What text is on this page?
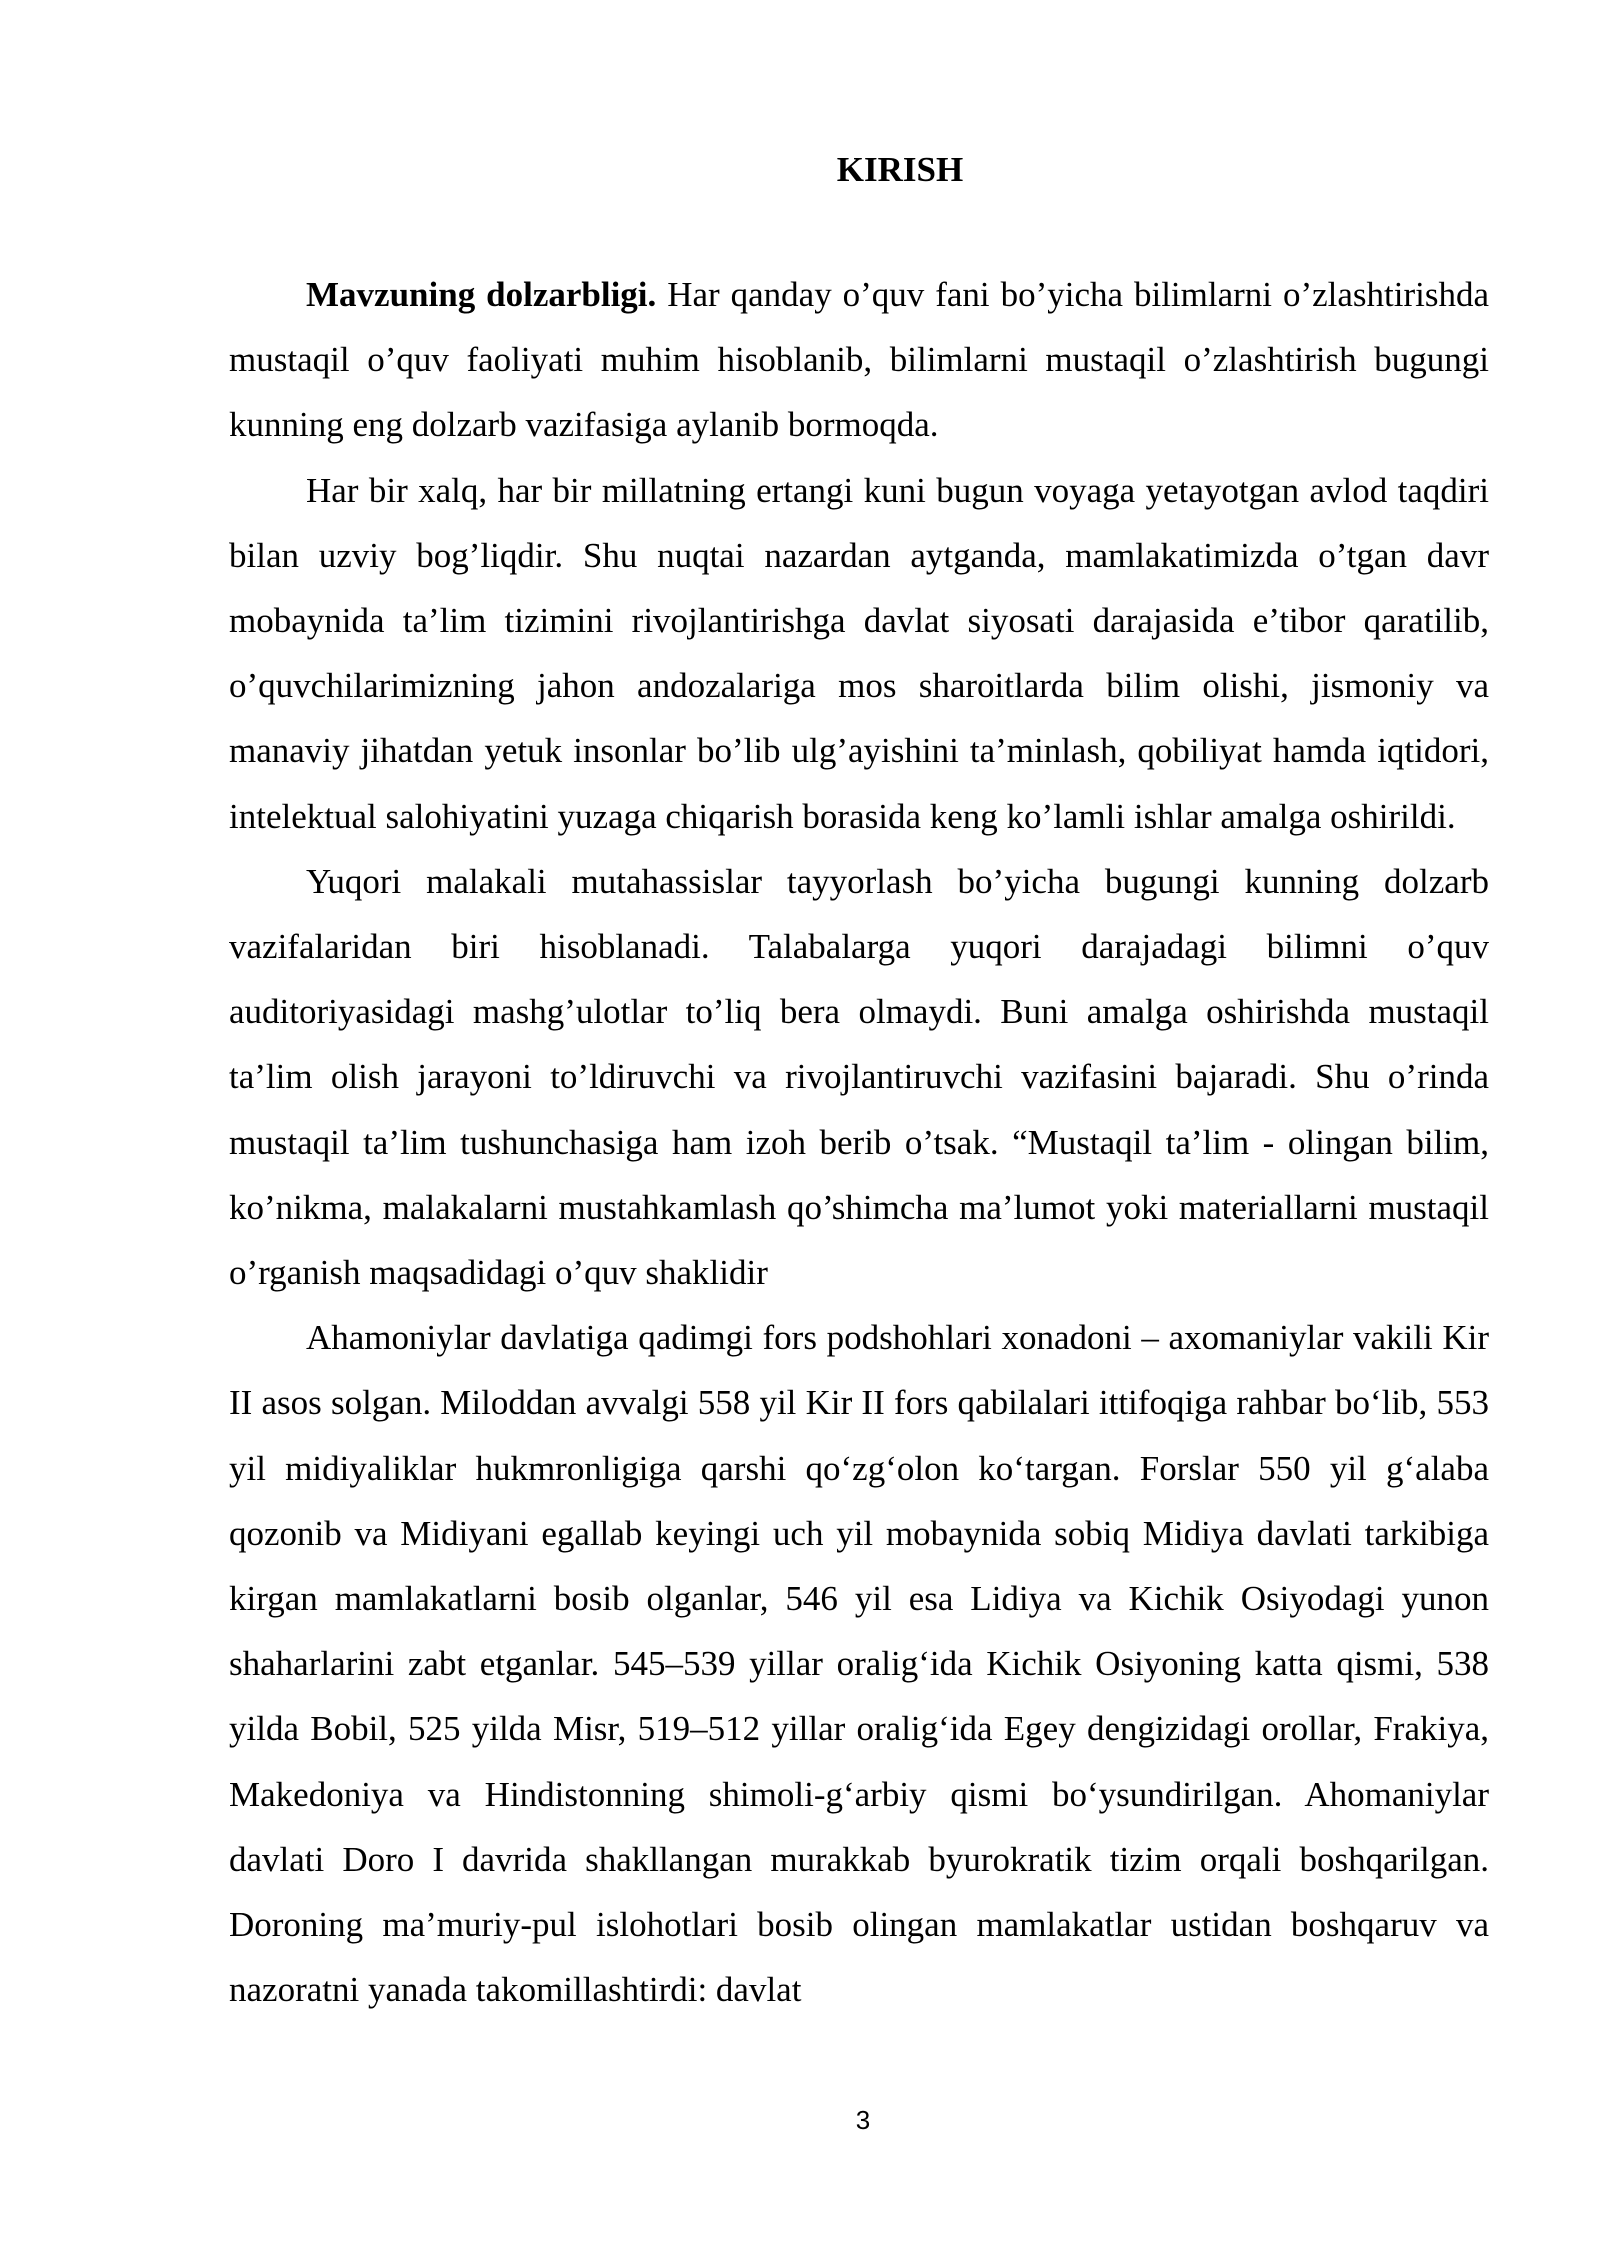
KIRISH

Mavzuning dolzarbligi. Har qanday o’quv fani bo’yicha bilimlarni o’zlashtirishda mustaqil o’quv faoliyati muhim hisoblanib, bilimlarni mustaqil o’zlashtirish bugungi kunning eng dolzarb vazifasiga aylanib bormoqda.

Har bir xalq, har bir millatning ertangi kuni bugun voyaga yetayotgan avlod taqdiri bilan uzviy bog’liqdir. Shu nuqtai nazardan aytganda, mamlakatimizda o’tgan davr mobaynida ta’lim tizimini rivojlantirishga davlat siyosati darajasida e’tibor qaratilib, o’quvchilarimizning jahon andozalariga mos sharoitlarda bilim olishi, jismoniy va manaviy jihatdan yetuk insonlar bo’lib ulg’ayishini ta’minlash, qobiliyat hamda iqtidori, intelektual salohiyatini yuzaga chiqarish borasida keng ko’lamli ishlar amalga oshirildi.

Yuqori malakali mutahassislar tayyorlash bo’yicha bugungi kunning dolzarb vazifalaridan biri hisoblanadi. Talabalarga yuqori darajadagi bilimni o’quv auditoriyasidagi mashg’ulotlar to’liq bera olmaydi. Buni amalga oshirishda mustaqil ta’lim olish jarayoni to’ldiruvchi va rivojlantiruvchi vazifasini bajaradi. Shu o’rinda mustaqil ta’lim tushunchasiga ham izoh berib o’tsak. “Mustaqil ta’lim - olingan bilim, ko’nikma, malakalarni mustahkamlash qo’shimcha ma’lumot yoki materiallarni mustaqil o’rganish maqsadidagi o’quv shaklidir

Ahamoniylar davlatiga qadimgi fors podshohlari xonadoni – axomaniylar vakili Kir II asos solgan. Miloddan avvalgi 558 yil Kir II fors qabilalari ittifoqiga rahbar bo‘lib, 553 yil midiyaliklar hukmronligiga qarshi qo‘zg‘olon ko‘targan. Forslar 550 yil g‘alaba qozonib va Midiyani egallab keyingi uch yil mobaynida sobiq Midiya davlati tarkibiga kirgan mamlakatlarni bosib olganlar, 546 yil esa Lidiya va Kichik Osiyodagi yunon shaharlarini zabt etganlar. 545–539 yillar oralig‘ida Kichik Osiyoning katta qismi, 538 yilda Bobil, 525 yilda Misr, 519–512 yillar oralig‘ida Egey dengizidagi orollar, Frakiya, Makedoniya va Hindistonning shimoli-g‘arbiy qismi bo‘ysundirilgan. Ahomaniylar davlati Doro I davrida shakllangan murakkab byurokratik tizim orqali boshqarilgan. Doroning ma’muriy-pul islohotlari bosib olingan mamlakatlar ustidan boshqaruv va nazoratni yanada takomillashtirdi: davlat

3
